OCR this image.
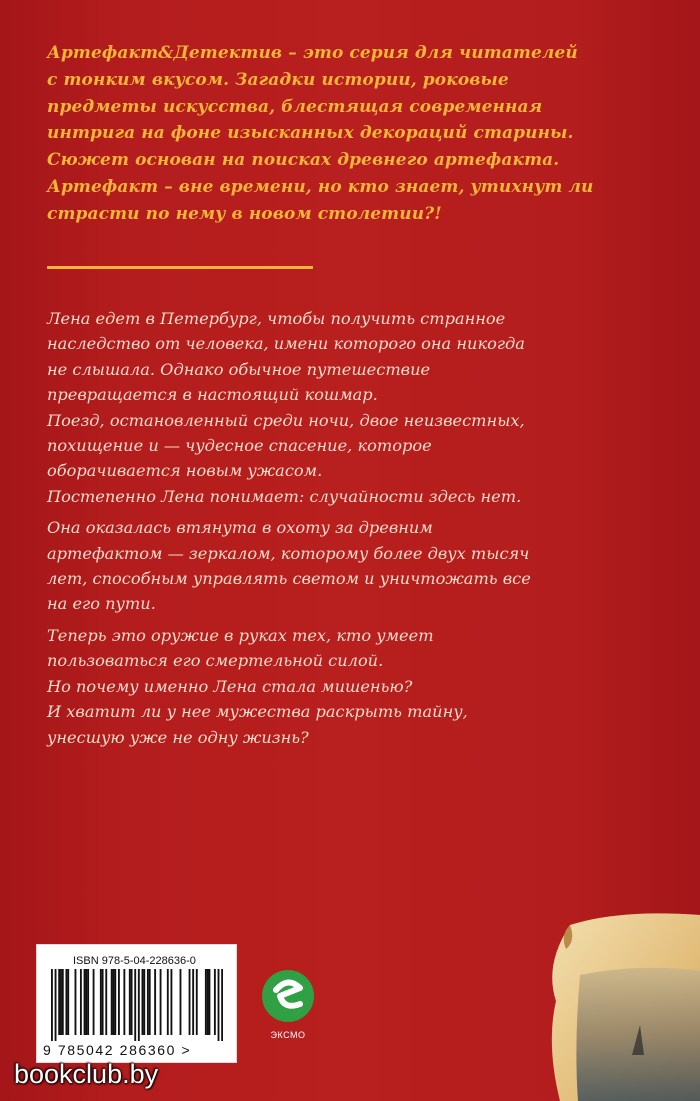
Артефакт&Детектив – это серия для читателей
с тонким вкусом. Загадки истории, роковые
предметы искусства, блестящая современная
интрига на фоне изысканных декораций старины.
Сюжет основан на поисках древнего артефакта.
Артефакт – вне времени, но кто знает, утихнут ли
страсти по нему в новом столетии?!
Лена едет в Петербург, чтобы получить странное
наследство от человека, имени которого она никогда
не слышала. Однако обычное путешествие
превращается в настоящий кошмар.
Поезд, остановленный среди ночи, двое неизвестных,
похищение и — чудесное спасение, которое
оборачивается новым ужасом.
Постепенно Лена понимает: случайности здесь нет.
Она оказалась втянута в охоту за древним
артефактом — зеркалом, которому более двух тысяч
лет, способным управлять светом и уничтожать все
на его пути.
Теперь это оружие в руках тех, кто умеет
пользоваться его смертельной силой.
Но почему именно Лена стала мишенью?
И хватит ли у нее мужества раскрыть тайну,
унесшую уже не одну жизнь?
ISBN 978-5-04-228636-0
9 785042 286360 >
ЭКСМО
bookclub.by
